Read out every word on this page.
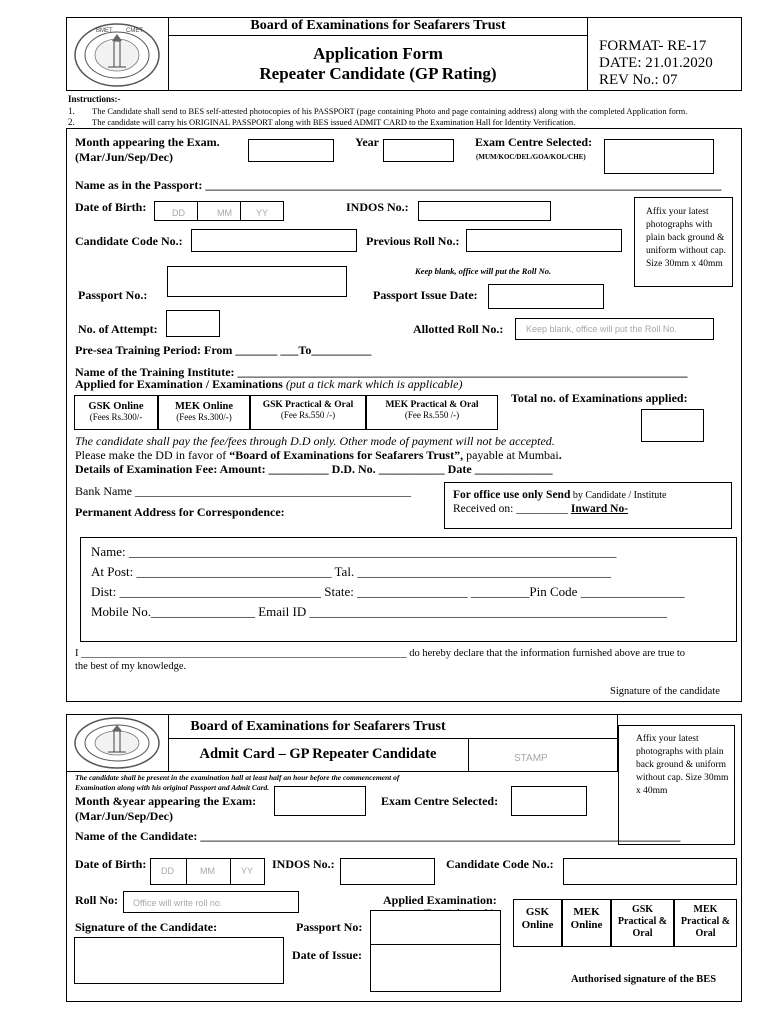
BMET CMET	Board of Examinations for Seafarers Trust
Application Form
Repeater Candidate (GP Rating)
FORMAT- RE-17
DATE: 21.01.2020
REV No.: 07
Instructions:-
1. The Candidate shall send to BES self-attested photocopies of his PASSPORT (page containing Photo and page containing address) along with the completed Application form.
2. The candidate will carry his ORIGINAL PASSPORT along with BES issued ADMIT CARD to the Examination Hall for Identity Verification.
Month appearing the Exam.
(Mar/Jun/Sep/Dec)
Year	Exam Centre Selected:
(MUM/KOC/DEL/GOA/KOL/CHE)
Name as in the Passport: ______________________________________________________________________________________
Date of Birth:	DD	MM	YY	INDOS No.:	Affix your latest photographs with plain back ground & uniform without cap. Size 30mm x 40mm
Candidate Code No.:	Previous Roll No.:
Keep blank, office will put the Roll No.
Passport No.:	Passport Issue Date:
No. of Attempt:	Allotted Roll No.:	Keep blank, office will put the Roll No.
Pre-sea Training Period: From _______ ___To__________
Name of the Training Institute: ___________________________________________________________________________
Applied for Examination / Examinations (put a tick mark which is applicable)
GSK Online
(Fees Rs.300/-
MEK Online
(Fees Rs.300/-)
GSK Practical & Oral
(Fee Rs.550 /-)
MEK Practical & Oral
(Fee Rs.550 /-)
Total no. of Examinations applied:
The candidate shall pay the fee/fees through D.D only. Other mode of payment will not be accepted.
Please make the DD in favor of “Board of Examinations for Seafarers Trust”, payable at Mumbai.
Details of Examination Fee: Amount: __________ D.D. No. ___________ Date _____________
Bank Name ______________________________________________
Permanent Address for Correspondence:
For office use only Send by Candidate / Institute
Received on: _________ Inward No-
Name: ___________________________________________________________________________
At Post: ______________________________ Tal. _______________________________________
Dist: _______________________________ State: _________________ _________Pin Code ________________
Mobile No.________________ Email ID _______________________________________________________
I ______________________________________________________________ do hereby declare that the information furnished above are true to
the best of my knowledge.
Signature of the candidate
Board of Examinations for Seafarers Trust
Admit Card – GP Repeater Candidate	STAMP
Affix your latest photographs with plain back ground & uniform without cap. Size 30mm x 40mm
The candidate shall be present in the examination hall at least half an hour before the commencement of
Examination along with his original Passport and Admit Card.
Month &year appearing the Exam:
(Mar/Jun/Sep/Dec)
Exam Centre Selected:
Name of the Candidate: ________________________________________________________________________________
Date of Birth: DD	MM	YY INDOS No.:	Candidate Code No.:
Roll No: Office will write roll no.	Applied Examination:
GSK Online
MEK Online
GSK Practical & Oral
MEK Practical & Oral
Signature of the Candidate:	Passport No:
Date of Issue:
Authorised signature of the BES
